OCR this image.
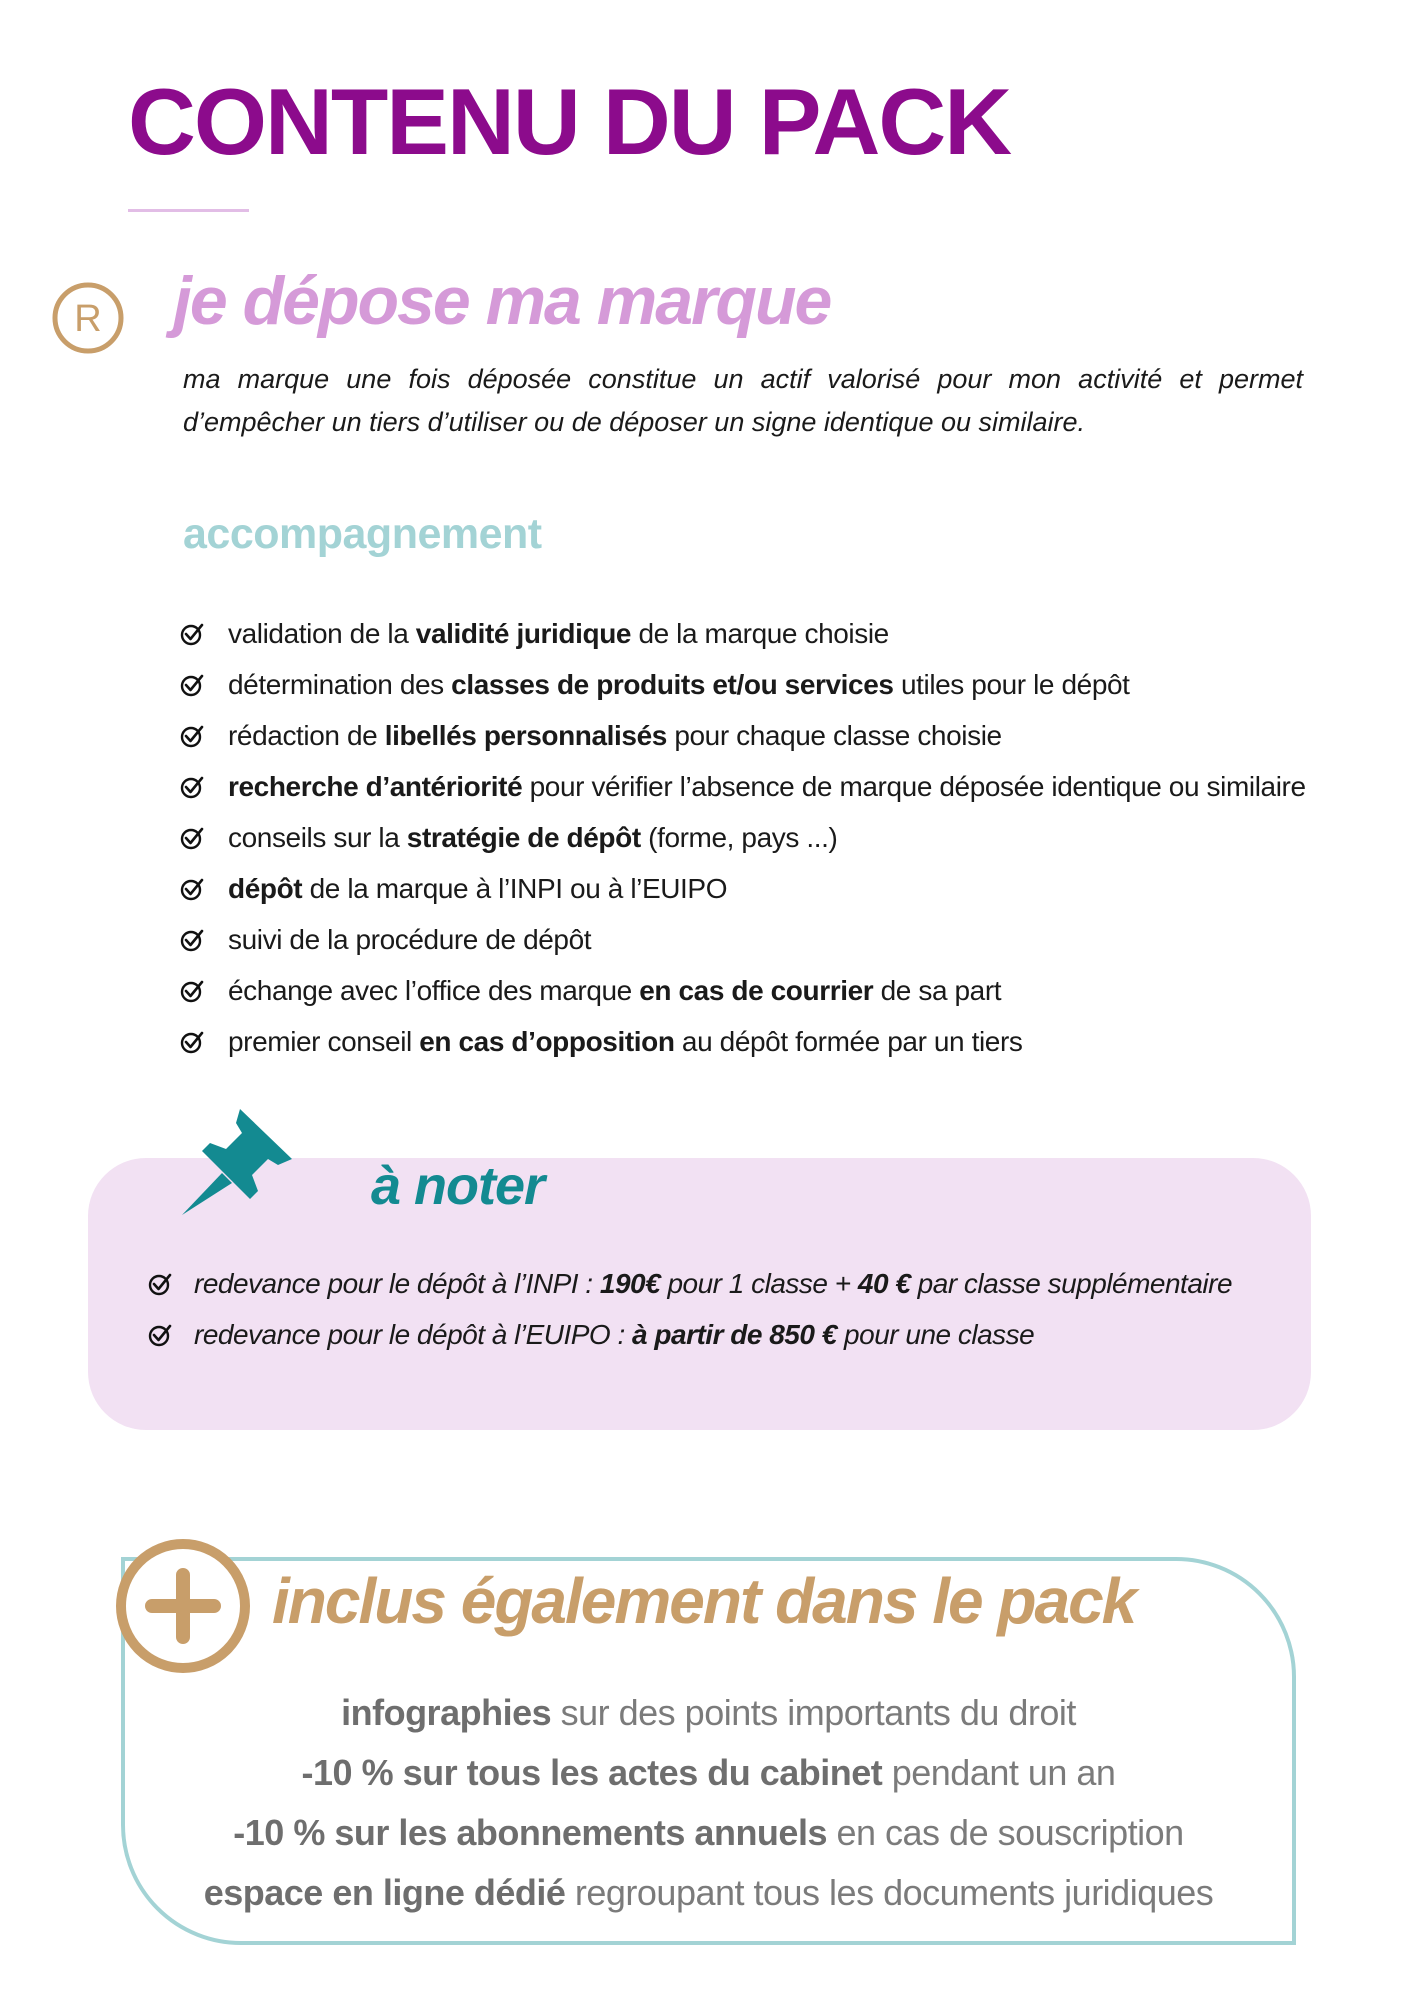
CONTENU DU PACK
R je dépose ma marque

ma marque une fois déposée constitue un actif valorisé pour mon activité et permet d’empêcher un tiers d’utiliser ou de déposer un signe identique ou similaire.

accompagnement
validation de la validité juridique de la marque choisie
détermination des classes de produits et/ou services utiles pour le dépôt
rédaction de libellés personnalisés pour chaque classe choisie
recherche d’antériorité pour vérifier l’absence de marque déposée identique ou similaire
conseils sur la stratégie de dépôt (forme, pays ...)
dépôt de la marque à l’INPI ou à l’EUIPO
suivi de la procédure de dépôt
échange avec l’office des marque en cas de courrier de sa part
premier conseil en cas d’opposition au dépôt formée par un tiers
à noter
redevance pour le dépôt à l’INPI : 190€ pour 1 classe + 40 € par classe supplémentaire
redevance pour le dépôt à l’EUIPO : à partir de 850 € pour une classe
inclus également dans le pack
infographies sur des points importants du droit
-10 % sur tous les actes du cabinet pendant un an
-10 % sur les abonnements annuels en cas de souscription
espace en ligne dédié regroupant tous les documents juridiques
